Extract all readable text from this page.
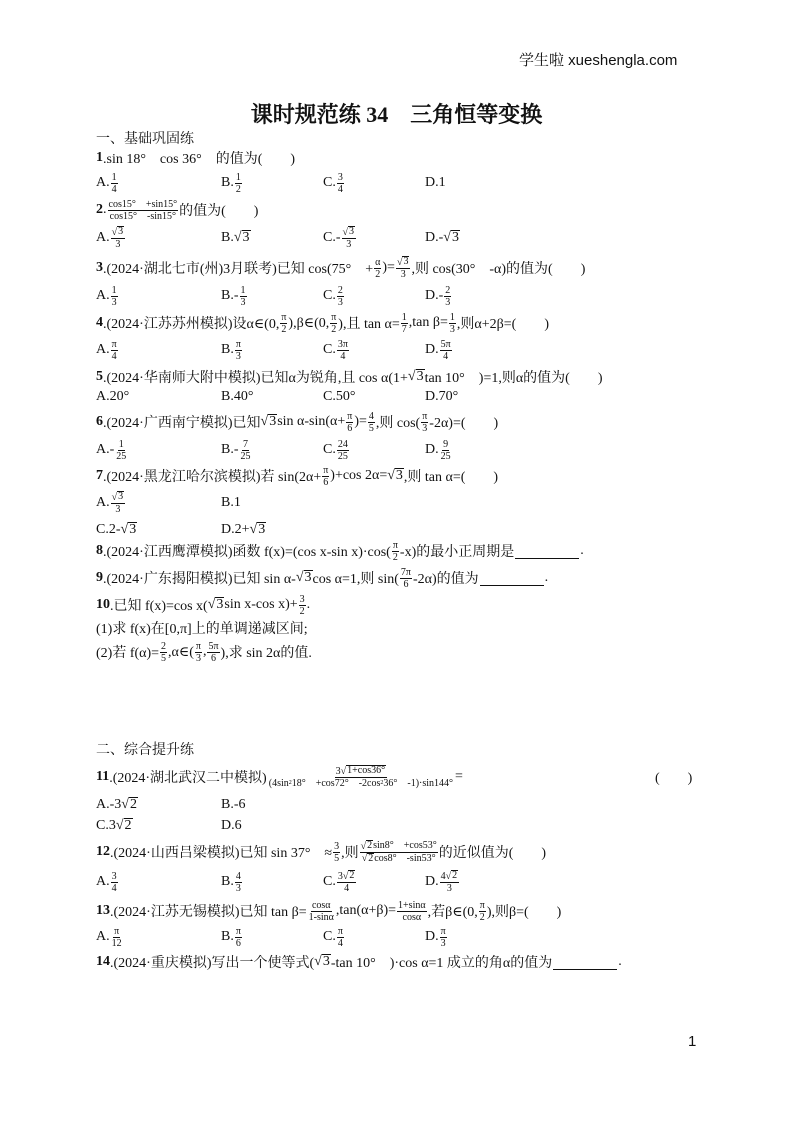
学生啦 xueshengla.com
课时规范练 34　三角恒等变换
一、基础巩固练
1 .sin 18°　cos 36°　的值为(　　)
A. $\frac{1}{4}$	B. $\frac{1}{2}$	C. $\frac{3}{4}$	D.1
2 . $\frac{\cos 15^\circ +\sin 15^\circ}{\cos 15^\circ -\sin 15^\circ}$ 的值为(　　)
A. $\frac{√ 3}{3}$	B. √ 3	$C.- \frac{√ 3}{3}$	D.- √ 3
3 .(2024·湖北七市(州)3月联考)已知 cos(75°　+ $\frac{\alpha}{2}$ )= $\frac{√ 3}{3}$ ,则 cos(30°　-α)的值为(　　)
A. $\frac{1}{3}$	$B.- \frac{1}{3}$	C. $\frac{2}{3}$	$D.- \frac{2}{3}$
4 .(2024·江苏苏州模拟)设α∈(0, $\frac{\pi}{2}$ ),β∈(0, $\frac{\pi}{2}$ ),且 $\tan \alpha= \frac{1}{7} ,\tan$ $\beta= \frac{1}{3}$ ,则α+2β=(　　)
A. $\frac{\pi}{4}$	B. $\frac{\pi}{3}$	C. $\frac{3\pi}{4}$	D. $\frac{5\pi}{4}$
5 .(2024·华南师大附中模拟)已知α为锐角,且 cos α(1+ √ 3 tan 10°　)=1,则α的值为(　　)
A.20°	B.40°	C.50°	D.70°
6 .(2024·广西南宁模拟)已知 √ 3 $\sin \alpha-\sin(\alpha+ \frac{\pi}{6}$ )= $\frac{4}{5}$ ,则 $\cos( \frac{\pi}{3} -2\alpha)=$(　　)
$A.- \frac{1}{25}$	$B.- \frac{7}{25}$	C. $\frac{24}{25}$	D. $\frac{9}{25}$
7 .(2024·黑龙江哈尔滨模拟)若 $\sin(2\alpha+ \frac{\pi}{6} )+\cos$ 2α= √ 3 ,则 tan α=(　　)
A. $\frac{√ 3}{3}$	B.1
C.2- √ 3	D.2+ √ 3
8 .(2024·江西鹰潭模拟)函数 f(x)=(cos x-sin $x)\cdot\cos( \frac{\pi}{2} -x)$的最小正周期是	.
9 .(2024·广东揭阳模拟)已知 sin α- √ 3 cos α=1,则 $\sin( \frac{7\pi}{6} -2\alpha)$的值为	.
10 .已知 f(x)=cos x( √ 3 sin x-cos $x)+ \frac{3}{2}$ .
(1)求 f(x)在[0,π]上的单调递减区间;
(2)若 $f(\alpha)= \frac{2}{5}$ ,α∈( $\frac{\pi}{3}$ , $\frac{5\pi}{6}$ ),求 sin 2α的值.
二、综合提升练
11 .(2024·湖北武汉二中模拟) $\frac{3 √ 1+\cos 36^\circ}{(4\sin 2 18^\circ +\cos 72^\circ -2\cos 2 36^\circ -1)\cdot\sin 144^\circ}$ =	(　　)
A.-3 √ 2	B.-6
C.3 √ 2	D.6
12 .(2024·山西吕梁模拟)已知 sin 37°　≈ $\frac{3}{5}$ ,则 $\frac{√ 2 \sin 8^\circ +\cos 53^\circ}{√ 2 \cos 8^\circ -\sin 53^\circ}$ 的近似值为(　　)
A. $\frac{3}{4}$	B. $\frac{4}{3}$	C. $\frac{3 √ 2}{4}$	D. $\frac{4 √ 2}{3}$
13 .(2024·江苏无锡模拟)已知 $\tan \beta= \frac{\cos\alpha}{1-\sin\alpha} ,\tan(\alpha+\beta)= \frac{1+\sin\alpha}{\cos\alpha}$ ,若β∈(0, $\frac{\pi}{2}$ ),则β=(　　)
A. $\frac{\pi}{12}$	B. $\frac{\pi}{6}$	C. $\frac{\pi}{4}$	D. $\frac{\pi}{3}$
14 .(2024·重庆模拟)写出一个使等式( √ 3 -tan 10°　)·cos α=1 成立的角α的值为	.
1
